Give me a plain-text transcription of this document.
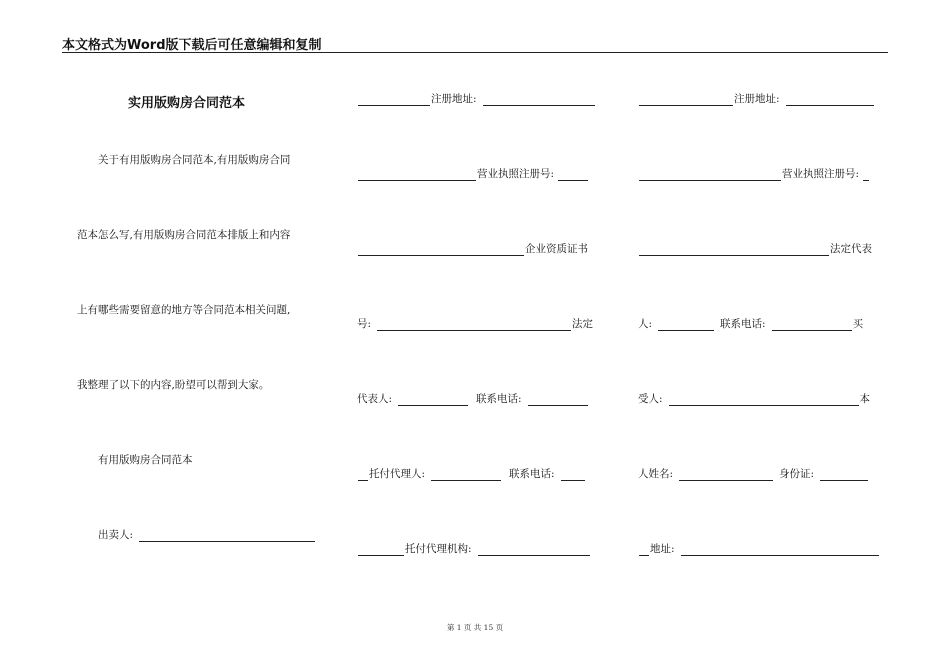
本文格式为Word版下载后可任意编辑和复制
实用版购房合同范本
关于有用版购房合同范本,有用版购房合同
范本怎么写,有用版购房合同范本排版上和内容
上有哪些需要留意的地方等合同范本相关问题,
我整理了以下的内容,盼望可以帮到大家。
有用版购房合同范本
出卖人:
注册地址:
营业执照注册号:
企业资质证书
号:	法定
代表人:	联系电话:
托付代理人:	联系电话:
托付代理机构:
注册地址:
营业执照注册号:
法定代表
人:	联系电话:	买
受人:	本
人姓名:	身份证:
地址:
第 1 页 共 15 页
